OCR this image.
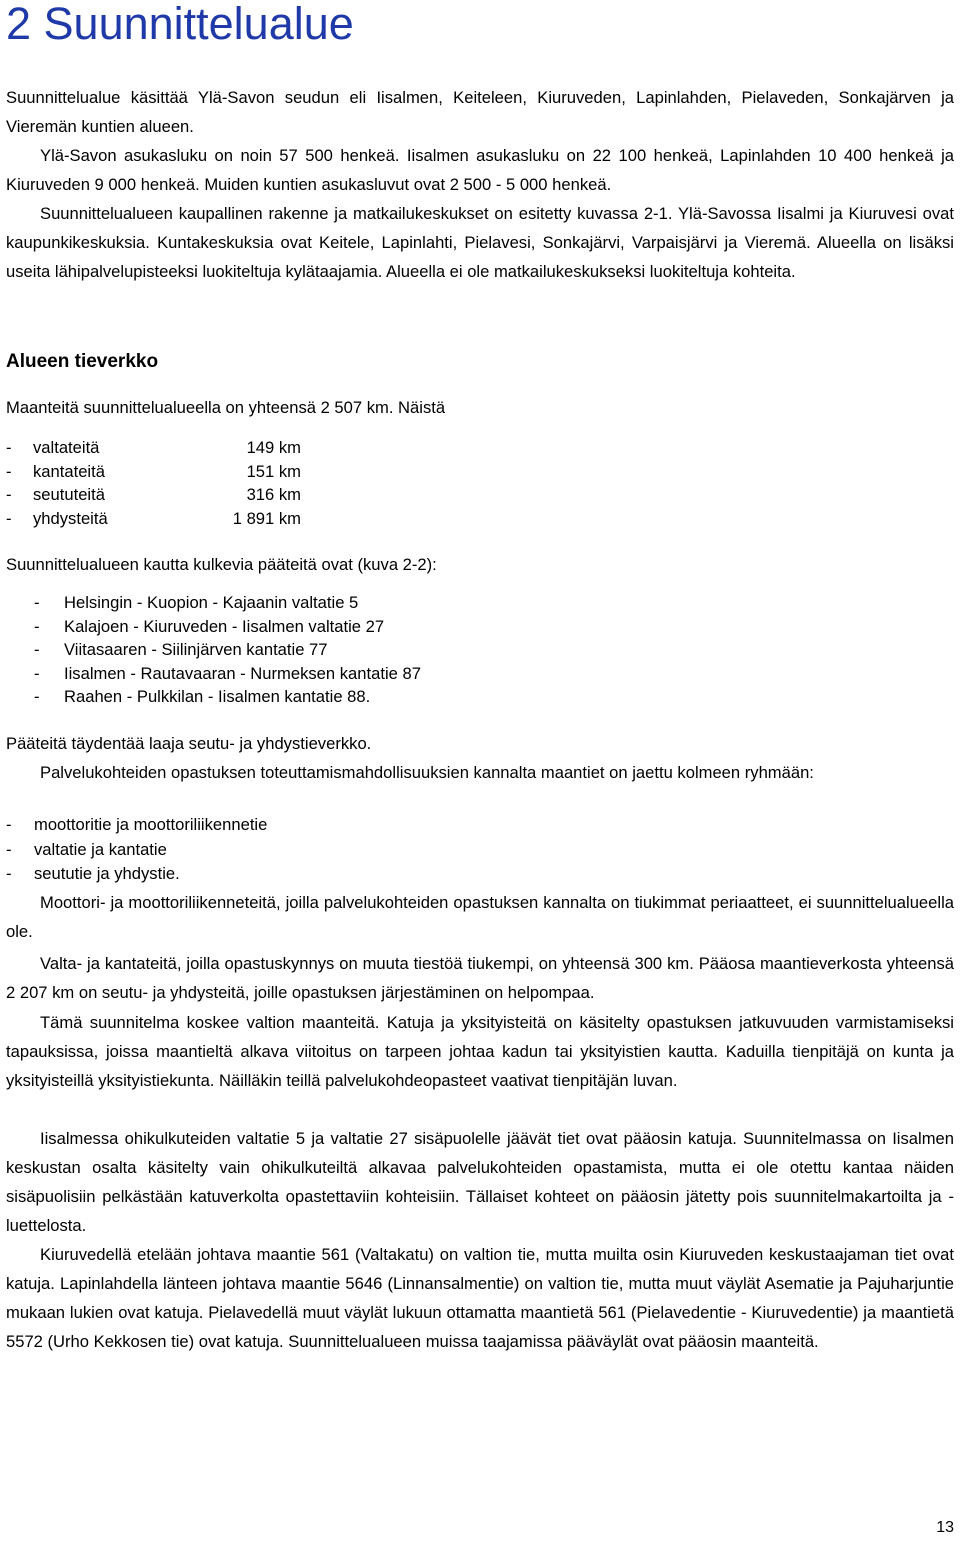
2 Suunnittelualue
Suunnittelualue käsittää Ylä-Savon seudun eli Iisalmen, Keiteleen, Kiuruveden, Lapinlahden, Pielaveden, Sonkajärven ja Vieremän kuntien alueen.
Ylä-Savon asukasluku on noin 57 500 henkeä. Iisalmen asukasluku on 22 100 henkeä, Lapinlahden 10 400 henkeä ja Kiuruveden 9 000 henkeä. Muiden kuntien asukasluvut ovat 2 500 - 5 000 henkeä.
Suunnittelualueen kaupallinen rakenne ja matkailukeskukset on esitetty kuvassa 2-1. Ylä-Savossa Iisalmi ja Kiuruvesi ovat kaupunkikeskuksia. Kuntakeskuksia ovat Keitele, Lapinlahti, Pielavesi, Sonkajärvi, Varpaisjärvi ja Vieremä. Alueella on lisäksi useita lähipalvelupisteeksi luokiteltuja kylätaajamia. Alueella ei ole matkailukeskukseksi luokiteltuja kohteita.
Alueen tieverkko
Maanteitä suunnittelualueella on yhteensä 2 507 km. Näistä
- valtateitä	149 km
- kantateitä	151 km
- seututeitä	316 km
- yhdysteitä	1 891 km
Suunnittelualueen kautta kulkevia pääteitä ovat (kuva 2-2):
- Helsingin - Kuopion - Kajaanin valtatie 5
- Kalajoen - Kiuruveden - Iisalmen valtatie 27
- Viitasaaren - Siilinjärven kantatie 77
- Iisalmen - Rautavaaran - Nurmeksen kantatie 87
- Raahen - Pulkkilan - Iisalmen kantatie 88.
Pääteitä täydentää laaja seutu- ja yhdystieverkko.
Palvelukohteiden opastuksen toteuttamismahdollisuuksien kannalta maantiet on jaettu kolmeen ryhmään:
- moottoritie ja moottoriliikennetie
- valtatie ja kantatie
- seututie ja yhdystie.
Moottori- ja moottoriliikenneteitä, joilla palvelukohteiden opastuksen kannalta on tiukimmat periaatteet, ei suunnittelualueella ole.
Valta- ja kantateitä, joilla opastuskynnys on muuta tiestöä tiukempi, on yhteensä 300 km. Pääosa maantieverkosta yhteensä 2 207 km on seutu- ja yhdysteitä, joille opastuksen järjestäminen on helpompaa.
Tämä suunnitelma koskee valtion maanteitä. Katuja ja yksityisteitä on käsitelty opastuksen jatkuvuuden varmistamiseksi tapauksissa, joissa maantieltä alkava viitoitus on tarpeen johtaa kadun tai yksityistien kautta. Kaduilla tienpitäjä on kunta ja yksityisteillä yksityistiekunta. Näilläkin teillä palvelukohdeopasteet vaativat tienpitäjän luvan.
Iisalmessa ohikulkuteiden valtatie 5 ja valtatie 27 sisäpuolelle jäävät tiet ovat pääosin katuja. Suunnitelmassa on Iisalmen keskustan osalta käsitelty vain ohikulkuteiltä alkavaa palvelukohteiden opastamista, mutta ei ole otettu kantaa näiden sisäpuolisiin pelkästään katuverkolta opastettaviin kohteisiin. Tällaiset kohteet on pääosin jätetty pois suunnitelmakartoilta ja -luettelosta.
Kiuruvedellä etelään johtava maantie 561 (Valtakatu) on valtion tie, mutta muilta osin Kiuruveden keskustaajaman tiet ovat katuja. Lapinlahdella länteen johtava maantie 5646 (Linnansalmentie) on valtion tie, mutta muut väylät Asematie ja Pajuharjuntie mukaan lukien ovat katuja. Pielavedellä muut väylät lukuun ottamatta maantietä 561 (Pielavedentie - Kiuruvedentie) ja maantietä 5572 (Urho Kekkosen tie) ovat katuja. Suunnittelualueen muissa taajamissa pääväylät ovat pääosin maanteitä.
13
